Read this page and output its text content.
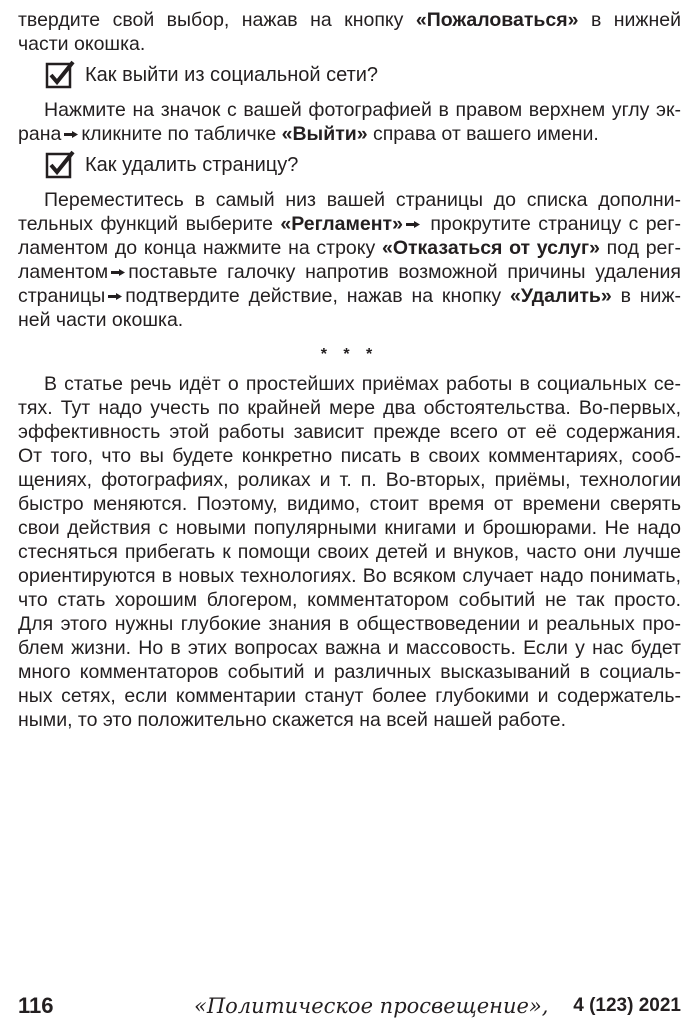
твердите свой выбор, нажав на кнопку «Пожаловаться» в нижней
части окошка.
Как выйти из социальной сети?
Нажмите на значок с вашей фотографией в правом верхнем углу эк-
рана кликните по табличке «Выйти» справа от вашего имени.
Как удалить страницу?
Переместитесь в самый низ вашей страницы до списка дополни-
тельных функций выберите «Регламент»
прокрутите страницу с рег-
ламентом до конца нажмите на строку «Отказаться от услуг» под рег-
ламентом поставьте галочку напротив возможной причины удаления
страницы подтвердите действие, нажав на кнопку «Удалить» в ниж-
ней части окошка.
* * *
В статье речь идёт о простейших приёмах работы в социальных се-
тях. Тут надо учесть по крайней мере два обстоятельства. Во-первых,
эффективность этой работы зависит прежде всего от её содержания.
От того, что вы будете конкретно писать в своих комментариях, сооб-
щениях, фотографиях, роликах и т. п. Во-вторых, приёмы, технологии
быстро меняются. Поэтому, видимо, стоит время от времени сверять
свои действия с новыми популярными книгами и брошюрами. Не надо
стесняться прибегать к помощи своих детей и внуков, часто они лучше
ориентируются в новых технологиях. Во всяком случает надо понимать,
что стать хорошим блогером, комментатором событий не так просто.
Для этого нужны глубокие знания в обществоведении и реальных про-
блем жизни. Но в этих вопросах важна и массовость. Если у нас будет
много комментаторов событий и различных высказываний в социаль-
ных сетях, если комментарии станут более глубокими и содержатель-
ными, то это положительно скажется на всей нашей работе.
116	«Политическое просвещение», 4 (123) 2021
